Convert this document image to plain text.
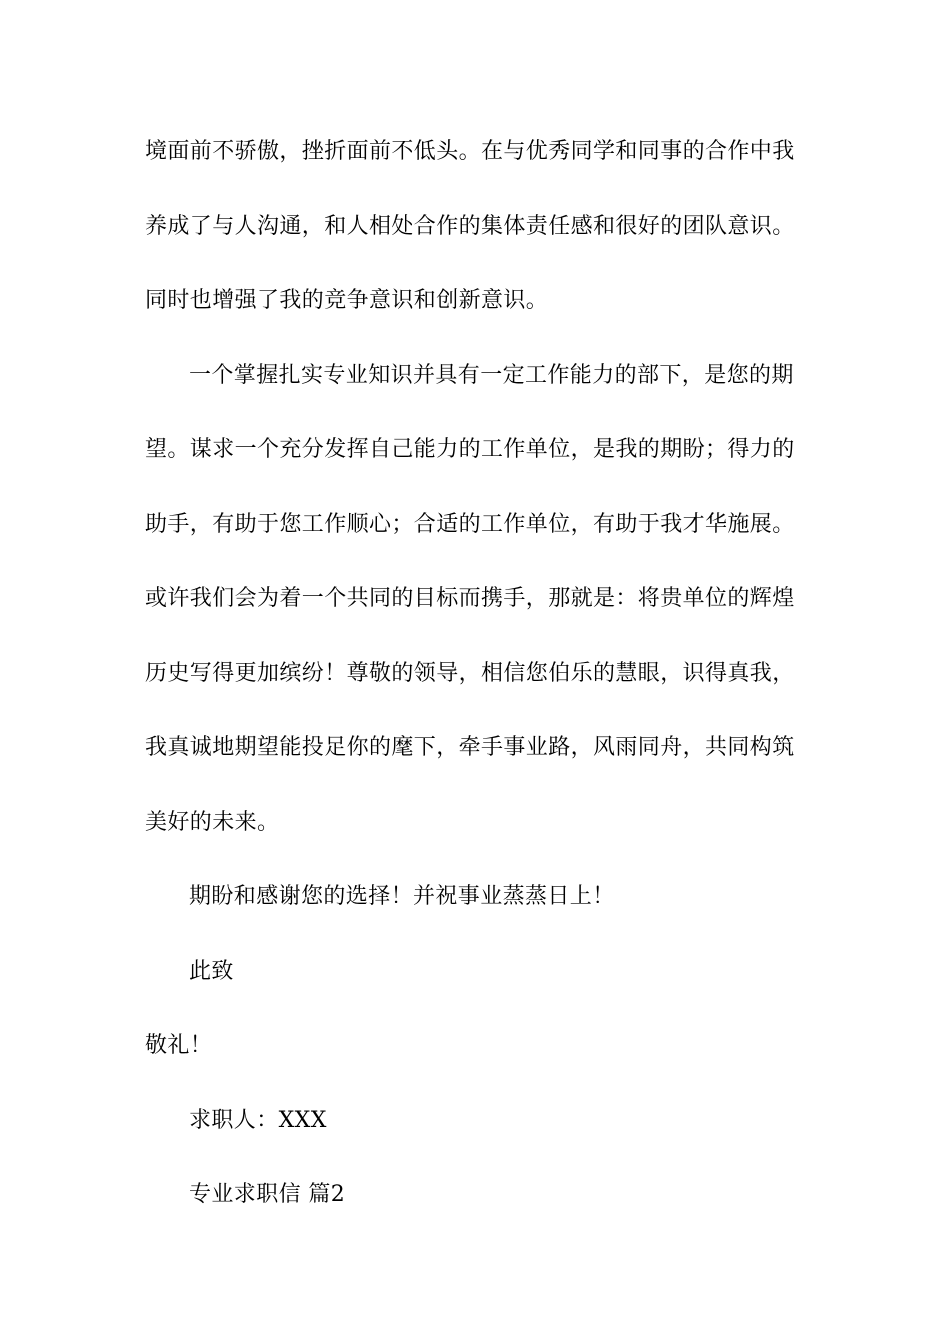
境面前不骄傲，挫折面前不低头。在与优秀同学和同事的合作中我
养成了与人沟通，和人相处合作的集体责任感和很好的团队意识。
同时也增强了我的竞争意识和创新意识。
一个掌握扎实专业知识并具有一定工作能力的部下，是您的期
望。谋求一个充分发挥自己能力的工作单位，是我的期盼；得力的
助手，有助于您工作顺心；合适的工作单位，有助于我才华施展。
或许我们会为着一个共同的目标而携手，那就是：将贵单位的辉煌
历史写得更加缤纷！尊敬的领导，相信您伯乐的慧眼，识得真我，
我真诚地期望能投足你的麾下，牵手事业路，风雨同舟，共同构筑
美好的未来。
期盼和感谢您的选择！并祝事业蒸蒸日上！
此致
敬礼！
求职人：XXX
专业求职信 篇2
